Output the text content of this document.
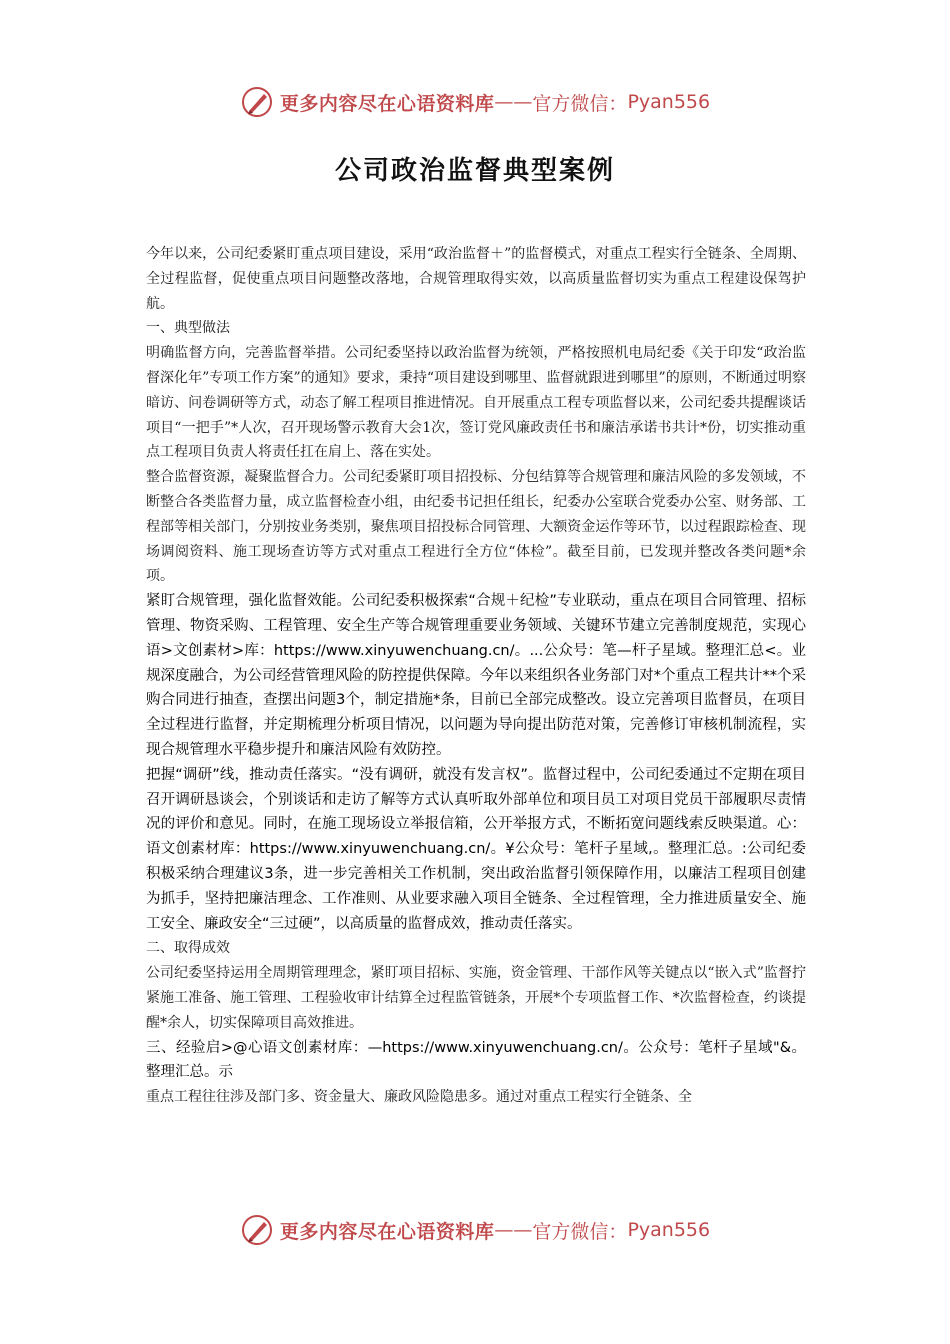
更多内容尽在心语资料库 —— 官方微信： Pyan556
公司政治监督典型案例

今年以来，公司纪委紧盯重点项目建设，采用“政治监督＋”的监督模式，对重点工程实行全链条、全周期、全过程监督，促使重点项目问题整改落地，合规管理取得实效，以高质量监督切实为重点工程建设保驾护航。

一、典型做法

明确监督方向，完善监督举措。公司纪委坚持以政治监督为统领，严格按照机电局纪委《关于印发“政治监督深化年”专项工作方案”的通知》要求，秉持“项目建设到哪里、监督就跟进到哪里”的原则，不断通过明察暗访、问卷调研等方式，动态了解工程项目推进情况。自开展重点工程专项监督以来，公司纪委共提醒谈话项目“一把手”*人次，召开现场警示教育大会1次，签订党风廉政责任书和廉洁承诺书共计*份，切实推动重点工程项目负责人将责任扛在肩上、落在实处。

整合监督资源，凝聚监督合力。公司纪委紧盯项目招投标、分包结算等合规管理和廉洁风险的多发领域，不断整合各类监督力量，成立监督检查小组，由纪委书记担任组长，纪委办公室联合党委办公室、财务部、工程部等相关部门，分别按业务类别，聚焦项目招投标合同管理、大额资金运作等环节，以过程跟踪检查、现场调阅资料、施工现场查访等方式对重点工程进行全方位“体检”。截至目前，已发现并整改各类问题*余项。

紧盯合规管理，强化监督效能。公司纪委积极探索“合规＋纪检”专业联动，重点在项目合同管理、招标管理、物资采购、工程管理、安全生产等合规管理重要业务领域、关键环节建立完善制度规范，实现心语>文创素材>库：https://www.xinyuwenchuang.cn/。...公众号：笔—杆子星域。整理汇总<。业规深度融合，为公司经营管理风险的防控提供保障。今年以来组织各业务部门对*个重点工程共计**个采购合同进行抽查，查摆出问题3个，制定措施*条，目前已全部完成整改。设立完善项目监督员，在项目全过程进行监督，并定期梳理分析项目情况，以问题为导向提出防范对策，完善修订审核机制流程，实现合规管理水平稳步提升和廉洁风险有效防控。

把握“调研”线，推动责任落实。“没有调研，就没有发言权”。监督过程中，公司纪委通过不定期在项目召开调研恳谈会，个别谈话和走访了解等方式认真听取外部单位和项目员工对项目党员干部履职尽责情况的评价和意见。同时，在施工现场设立举报信箱，公开举报方式，不断拓宽问题线索反映渠道。心：语文创素材库：https://www.xinyuwenchuang.cn/。¥公众号：笔杆子星域,。整理汇总。:公司纪委积极采纳合理建议3条，进一步完善相关工作机制，突出政治监督引领保障作用，以廉洁工程项目创建为抓手，坚持把廉洁理念、工作准则、从业要求融入项目全链条、全过程管理，全力推进质量安全、施工安全、廉政安全“三过硬”，以高质量的监督成效，推动责任落实。

二、取得成效

公司纪委坚持运用全周期管理理念，紧盯项目招标、实施，资金管理、干部作风等关键点以“嵌入式”监督拧紧施工准备、施工管理、工程验收审计结算全过程监管链条，开展*个专项监督工作、*次监督检查，约谈提醒*余人，切实保障项目高效推进。

三、经验启>@心语文创素材库：—https://www.xinyuwenchuang.cn/。公众号：笔杆子星域"&。整理汇总。示

重点工程往往涉及部门多、资金量大、廉政风险隐患多。通过对重点工程实行全链条、全

更多内容尽在心语资料库 —— 官方微信： Pyan556
